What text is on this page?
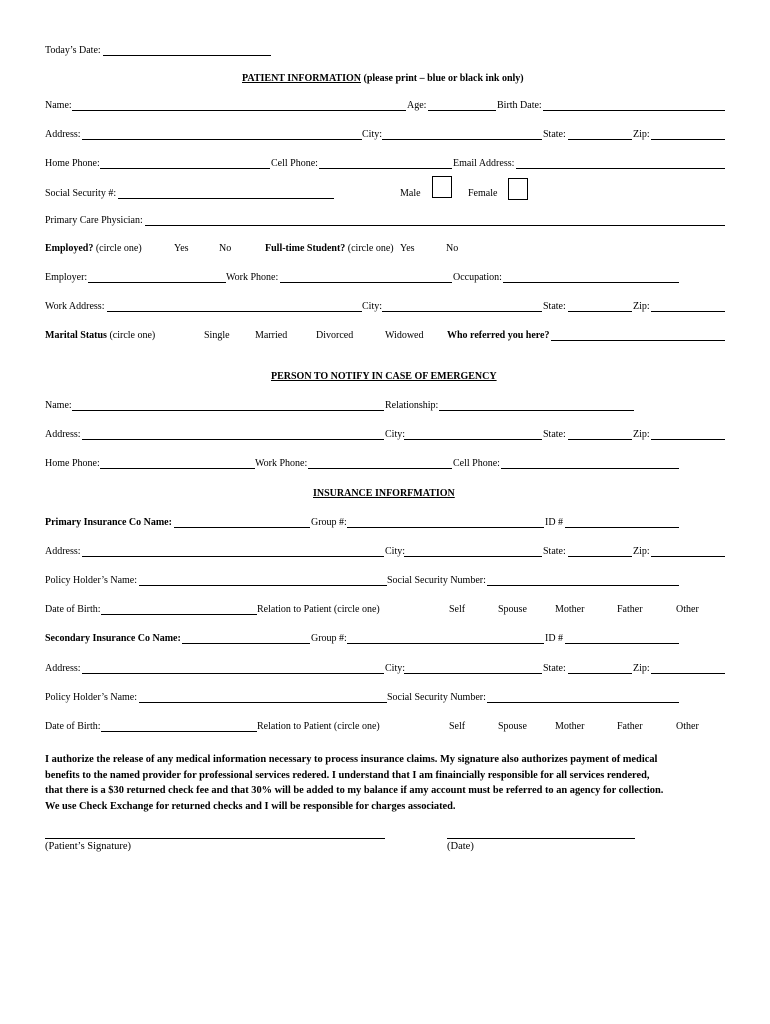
Today’s Date:
PATIENT INFORMATION (please print – blue or black ink only)
Name:	Age:	Birth Date:
Address:	City:	State:	Zip:
Home Phone:	Cell Phone:	Email Address:
Social Security #:	Male	Female
Primary Care Physician:
Employed? (circle one)	Yes	No	Full-time Student? (circle one) Yes	No
Employer:	Work Phone:	Occupation:
Work Address:	City:	State:	Zip:
Marital Status (circle one)	Single	Married	Divorced	Widowed Who referred you here?
PERSON TO NOTIFY IN CASE OF EMERGENCY
Name:	Relationship:
Address:	City:	State:	Zip:
Home Phone:	Work Phone:	Cell Phone:
INSURANCE INFORFMATION
Primary Insurance Co Name:	Group #:	ID #
Address:	City:	State:	Zip:
Policy Holder’s Name:	Social Security Number:
Date of Birth:	Relation to Patient (circle one)	Self	Spouse	Mother	Father	Other
Secondary Insurance Co Name:	Group #:	ID #
Address:	City:	State:	Zip:
Policy Holder’s Name:	Social Security Number:
Date of Birth:	Relation to Patient (circle one)	Self	Spouse	Mother	Father	Other
I authorize the release of any medical information necessary to process insurance claims. My signature also authorizes payment of medical
benefits to the named provider for professional services redered. I understand that I am finaincially responsible for all services rendered,
that there is a $30 returned check fee and that 30% will be added to my balance if amy account must be referred to an agency for collection.
We use Check Exchange for returned checks and I will be responsible for charges associated.
(Patient’s Signature)	(Date)
